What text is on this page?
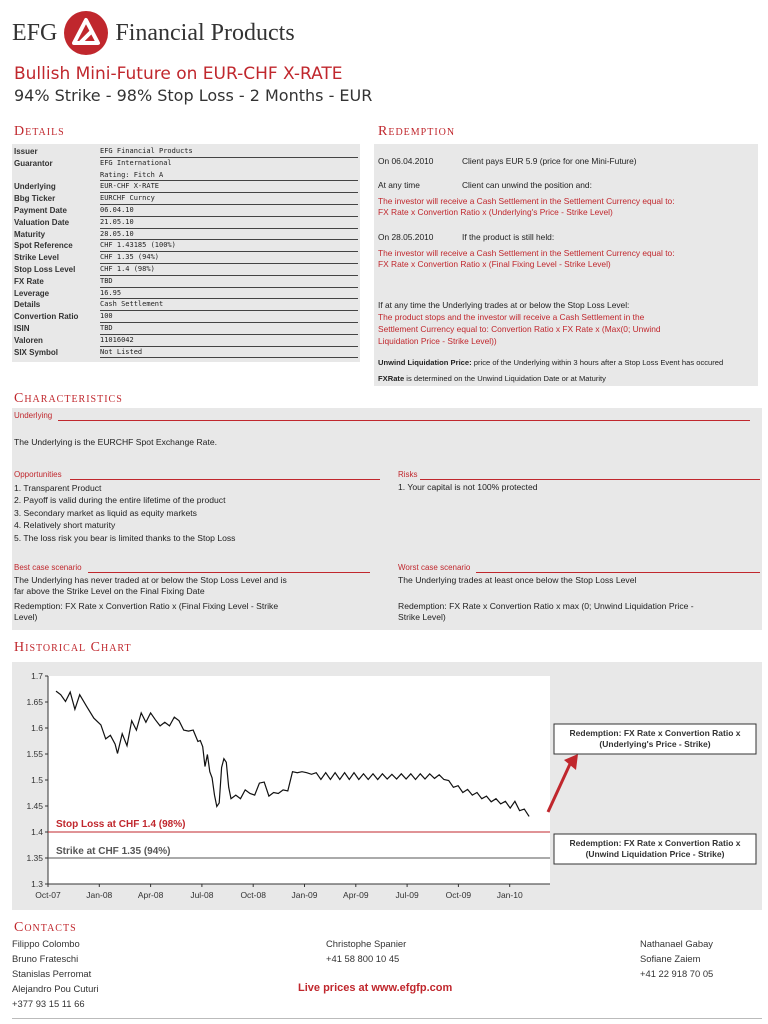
EFG Financial Products
Bullish Mini-Future on EUR-CHF X-RATE
94% Strike - 98% Stop Loss - 2 Months - EUR
Details
Issuer	EFG Financial Products
Guarantor	EFG International
Rating: Fitch A
Underlying	EUR-CHF X-RATE
Bbg Ticker	EURCHF Curncy
Payment Date	06.04.10
Valuation Date	21.05.10
Maturity	28.05.10
Spot Reference	CHF 1.43185 (100%)
Strike Level	CHF 1.35 (94%)
Stop Loss Level	CHF 1.4 (98%)
FX Rate	TBD
Leverage	16.95
Details	Cash Settlement
Convertion Ratio	100
ISIN	TBD
Valoren	11016042
SIX Symbol	Not Listed
Redemption
On 06.04.2010	Client pays EUR 5.9 (price for one Mini-Future)
At any time	Client can unwind the position and:
The investor will receive a Cash Settlement in the Settlement Currency equal to:
FX Rate x Convertion Ratio x (Underlying's Price - Strike Level)
On 28.05.2010	If the product is still held:
The investor will receive a Cash Settlement in the Settlement Currency equal to:
FX Rate x Convertion Ratio x (Final Fixing Level - Strike Level)
If at any time the Underlying trades at or below the Stop Loss Level:
The product stops and the investor will receive a Cash Settlement in the
Settlement Currency equal to: Convertion Ratio x FX Rate x (Max(0; Unwind
Liquidation Price - Strike Level))
Unwind Liquidation Price: price of the Underlying within 3 hours after a Stop Loss Event has occured
FXRate is determined on the Unwind Liquidation Date or at Maturity
Characteristics
Underlying
The Underlying is the EURCHF Spot Exchange Rate.
Opportunities
1. Transparent Product
2. Payoff is valid during the entire lifetime of the product
3. Secondary market as liquid as equity markets
4. Relatively short maturity
5. The loss risk you bear is limited thanks to the Stop Loss
Risks
1. Your capital is not 100% protected
Best case scenario
The Underlying has never traded at or below the Stop Loss Level and is
far above the Strike Level on the Final Fixing Date
Redemption: FX Rate x Convertion Ratio x (Final Fixing Level - Strike
Level)
Worst case scenario
The Underlying trades at least once below the Stop Loss Level
Redemption: FX Rate x Convertion Ratio x max (0; Unwind Liquidation Price -
Strike Level)
Historical Chart
1.3
1.35
1.4
1.45
1.5
1.55
1.6
1.65
1.7
Oct-07	Jan-08	Apr-08	Jul-08	Oct-08	Jan-09	Apr-09	Jul-09	Oct-09	Jan-10
Stop Loss at CHF 1.4 (98%)
Strike at CHF 1.35 (94%)
Redemption: FX Rate x Convertion Ratio x
(Underlying's Price - Strike)
Redemption: FX Rate x Convertion Ratio x
(Unwind Liquidation Price - Strike)
Contacts
Filippo Colombo
Bruno Frateschi
Stanislas Perromat
Alejandro Pou Cuturi
+377 93 15 11 66
Christophe Spanier
+41 58 800 10 45
Nathanael Gabay
Sofiane Zaiem
+41 22 918 70 05
Live prices at www.efgfp.com
